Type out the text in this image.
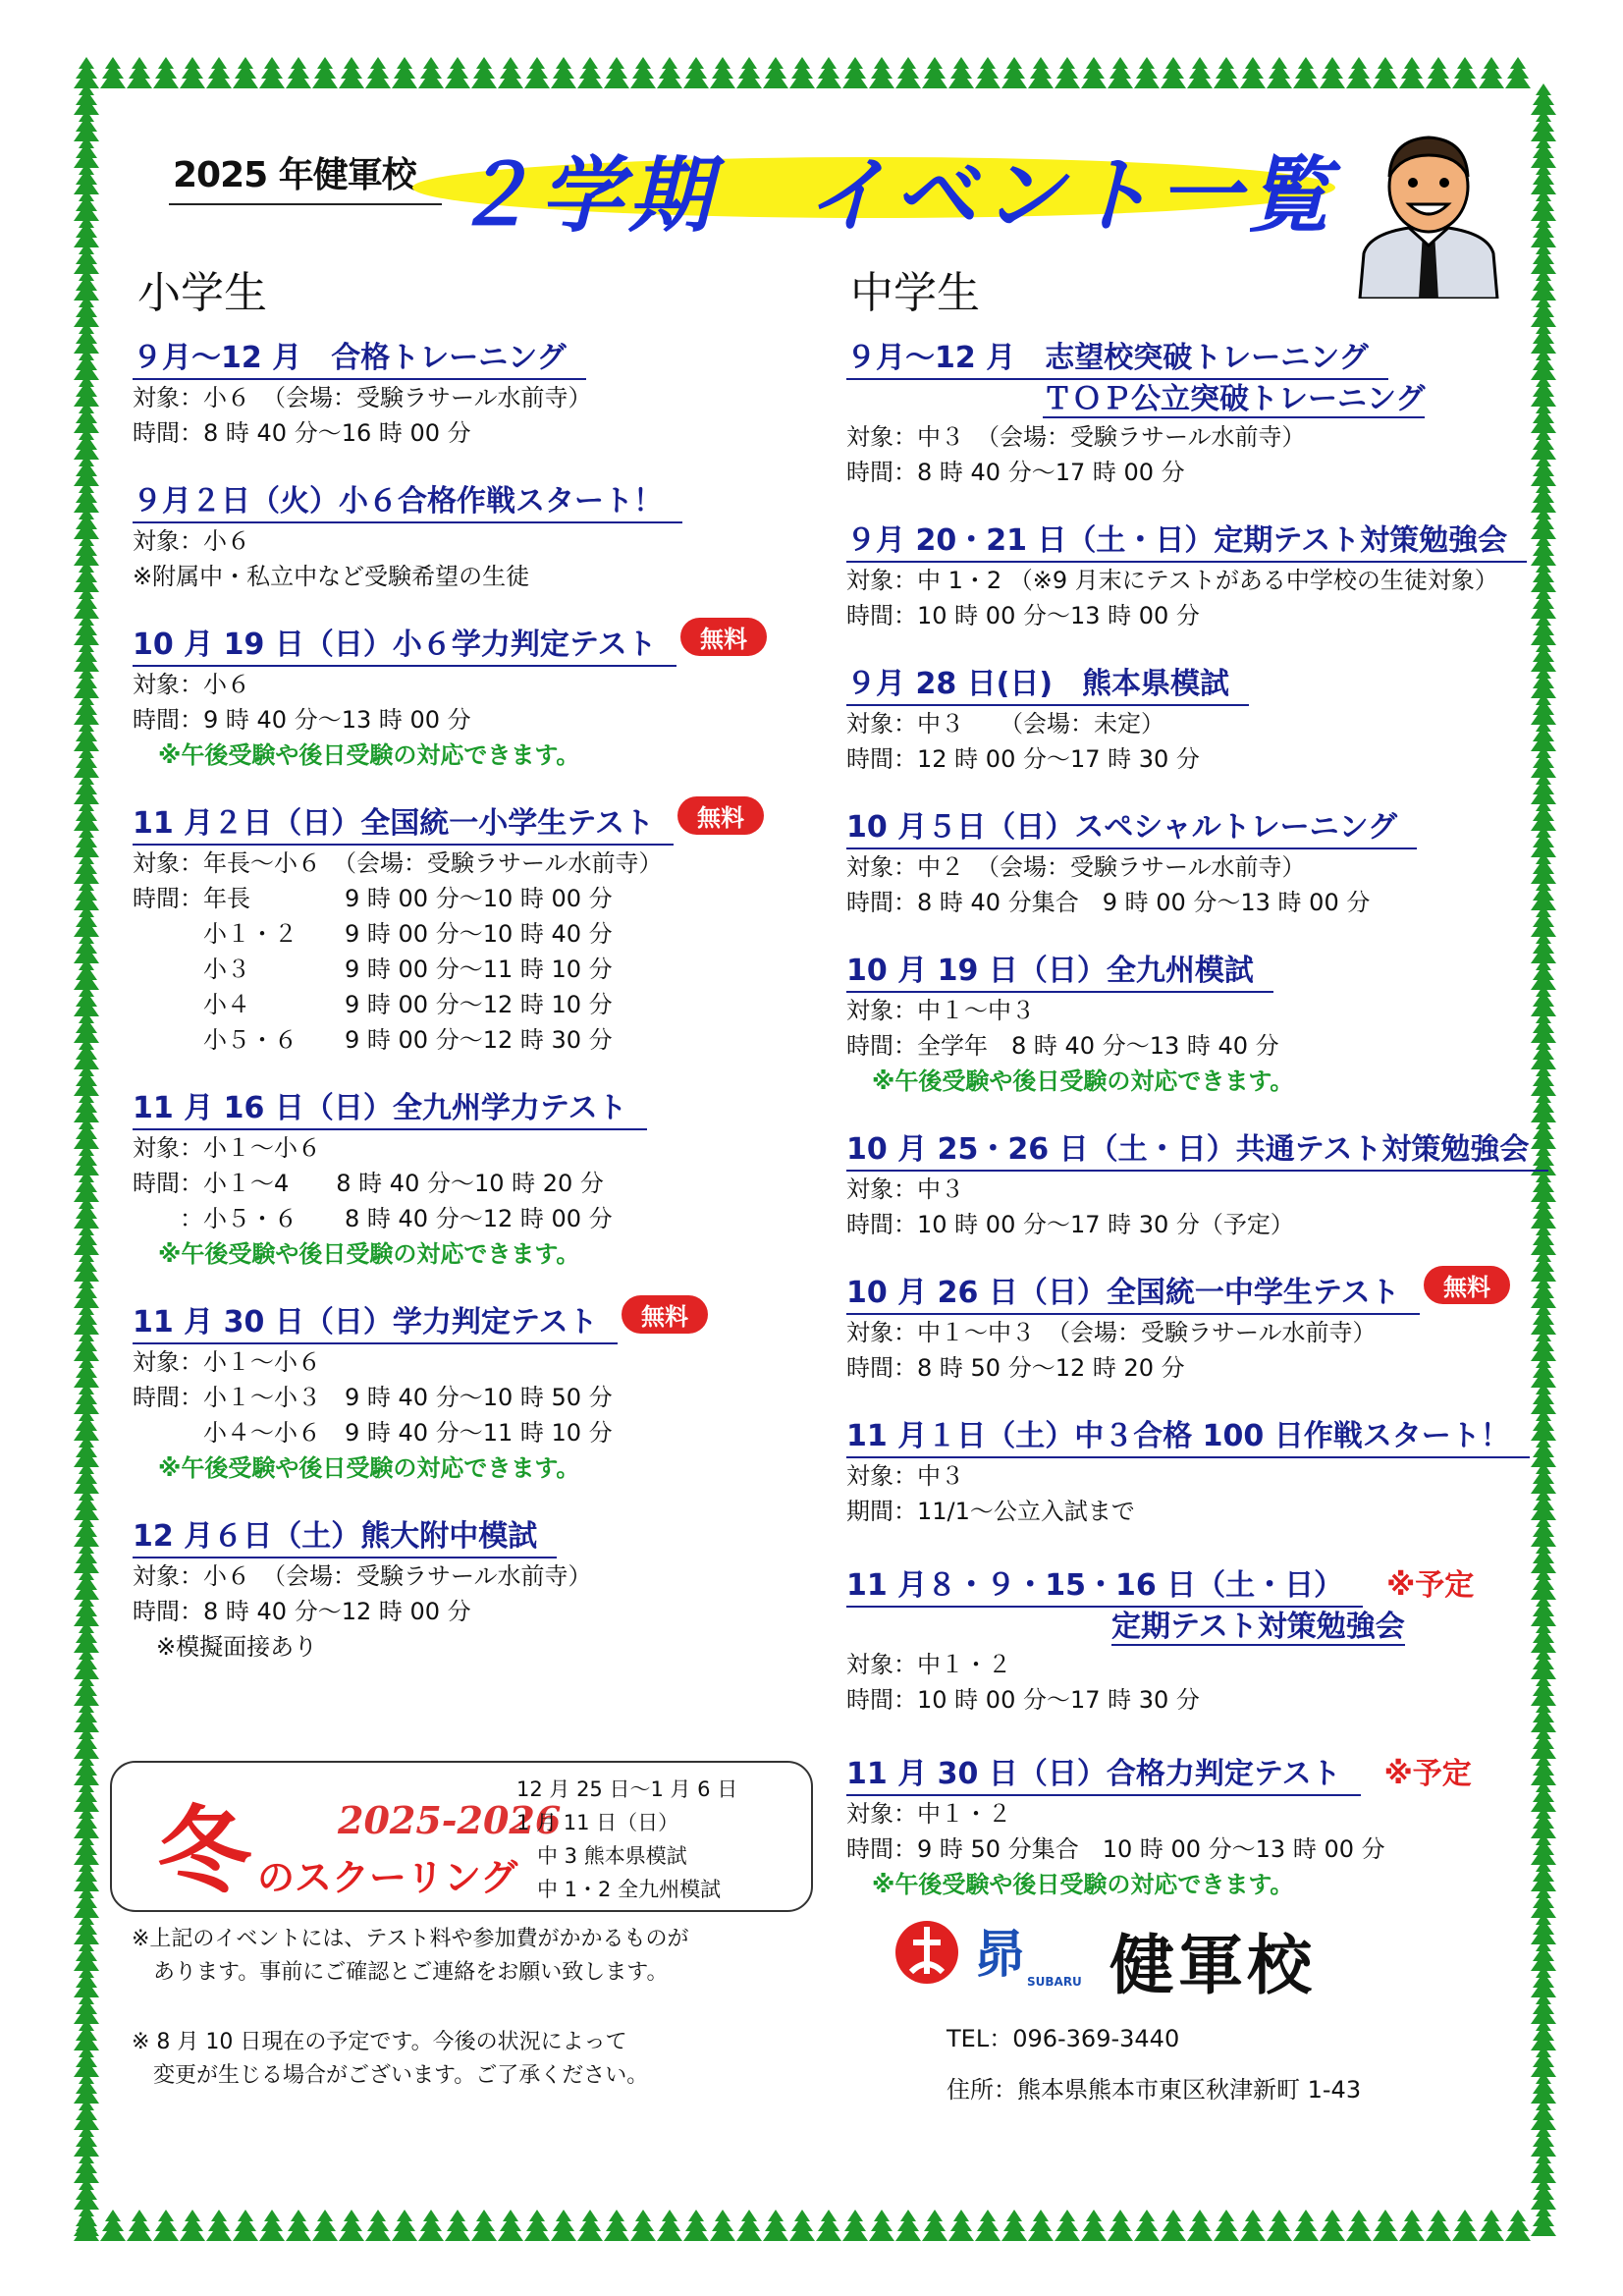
2025 年健軍校 ２学期　イベント一覧
小学生	中学生
９月～12 月　合格トレーニング
対象：小６　（会場：受験ラサール水前寺）
時間：8 時 40 分～16 時 00 分
９月２日（火）小６合格作戦スタート！
対象：小６
※附属中・私立中など受験希望の生徒
10 月 19 日（日）小６学力判定テスト	無料
対象：小６
時間：9 時 40 分～13 時 00 分
※午後受験や後日受験の対応できます。
11 月２日（日）全国統一小学生テスト	無料
対象：年長～小６　（会場：受験ラサール水前寺）
時間：年長　　　　9 時 00 分～10 時 00 分
　　　小１・２　　9 時 00 分～10 時 40 分
　　　小３　　　　9 時 00 分～11 時 10 分
　　　小４　　　　9 時 00 分～12 時 10 分
　　　小５・６　　9 時 00 分～12 時 30 分
11 月 16 日（日）全九州学力テスト
対象：小１～小６
時間：小１～4　　8 時 40 分～10 時 20 分
　　：小５・６　　8 時 40 分～12 時 00 分
※午後受験や後日受験の対応できます。
11 月 30 日（日）学力判定テスト	無料
対象：小１～小６
時間：小１～小３　9 時 40 分～10 時 50 分
　　　小４～小６　9 時 40 分～11 時 10 分
※午後受験や後日受験の対応できます。
12 月６日（土）熊大附中模試
対象：小６　（会場：受験ラサール水前寺）
時間：8 時 40 分～12 時 00 分
　※模擬面接あり
９月～12 月　志望校突破トレーニング
ＴＯＰ公立突破トレーニング
対象：中３　（会場：受験ラサール水前寺）
時間：8 時 40 分～17 時 00 分
９月 20・21 日（土・日）定期テスト対策勉強会
対象：中 1・2 （※9 月末にテストがある中学校の生徒対象）
時間：10 時 00 分～13 時 00 分
９月 28 日(日)　熊本県模試
対象：中３　　（会場：未定）
時間：12 時 00 分～17 時 30 分
10 月５日（日）スペシャルトレーニング
対象：中２　（会場：受験ラサール水前寺）
時間：8 時 40 分集合　9 時 00 分～13 時 00 分
10 月 19 日（日）全九州模試
対象：中１～中３
時間：全学年　8 時 40 分～13 時 40 分
※午後受験や後日受験の対応できます。
10 月 25・26 日（土・日）共通テスト対策勉強会
対象：中３
時間：10 時 00 分～17 時 30 分（予定）
10 月 26 日（日）全国統一中学生テスト	無料
対象：中１～中３　（会場：受験ラサール水前寺）
時間：8 時 50 分～12 時 20 分
11 月１日（土）中３合格 100 日作戦スタート！
対象：中３
期間：11/1～公立入試まで
11 月８・９・15・16 日（土・日） ※予定
定期テスト対策勉強会
対象：中１・２
時間：10 時 00 分～17 時 30 分
11 月 30 日（日）合格力判定テスト ※予定
対象：中１・２
時間：9 時 50 分集合　10 時 00 分～13 時 00 分
※午後受験や後日受験の対応できます。
冬 2025-2026
のスクーリング
12 月 25 日～1 月 6 日
1 月 11 日（日）
　中 3 熊本県模試
　中 1・2 全九州模試
※上記のイベントには、テスト料や参加費がかかるものが
　あります。事前にご確認とご連絡をお願い致します。
※ 8 月 10 日現在の予定です。今後の状況によって
　変更が生じる場合がございます。ご了承ください。
昴 SUBARU 健軍校
TEL：096-369-3440
住所：熊本県熊本市東区秋津新町 1-43
